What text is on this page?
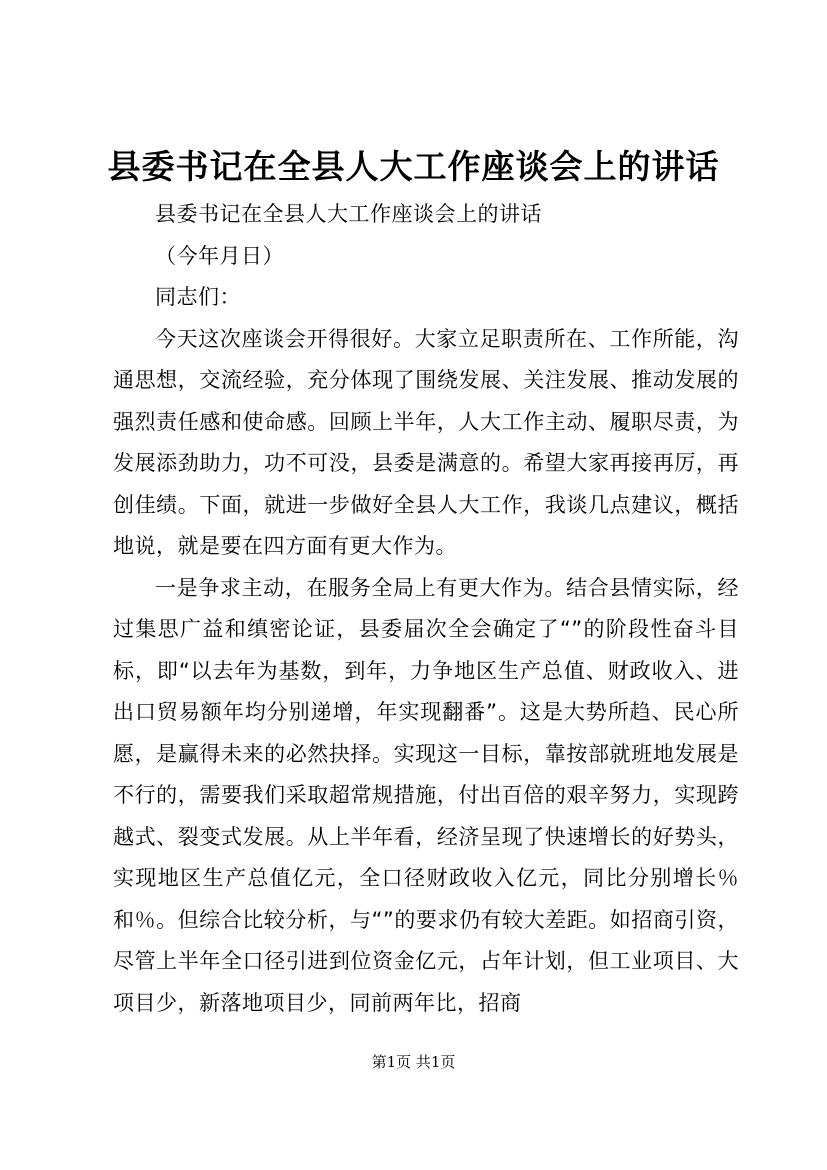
县委书记在全县人大工作座谈会上的讲话

县委书记在全县人大工作座谈会上的讲话

（今年月日）

同志们：

今天这次座谈会开得很好。大家立足职责所在、工作所能，沟通思想，交流经验，充分体现了围绕发展、关注发展、推动发展的强烈责任感和使命感。回顾上半年，人大工作主动、履职尽责，为发展添劲助力，功不可没，县委是满意的。希望大家再接再厉，再创佳绩。下面，就进一步做好全县人大工作，我谈几点建议，概括地说，就是要在四方面有更大作为。

一是争求主动，在服务全局上有更大作为。结合县情实际，经过集思广益和缜密论证，县委届次全会确定了“”的阶段性奋斗目标，即“以去年为基数，到年，力争地区生产总值、财政收入、进出口贸易额年均分别递增，年实现翻番”。这是大势所趋、民心所愿，是赢得未来的必然抉择。实现这一目标，靠按部就班地发展是不行的，需要我们采取超常规措施，付出百倍的艰辛努力，实现跨越式、裂变式发展。从上半年看，经济呈现了快速增长的好势头，实现地区生产总值亿元，全口径财政收入亿元，同比分别增长％和％。但综合比较分析，与“”的要求仍有较大差距。如招商引资，尽管上半年全口径引进到位资金亿元，占年计划，但工业项目、大项目少，新落地项目少，同前两年比，招商

第1页 共1页
